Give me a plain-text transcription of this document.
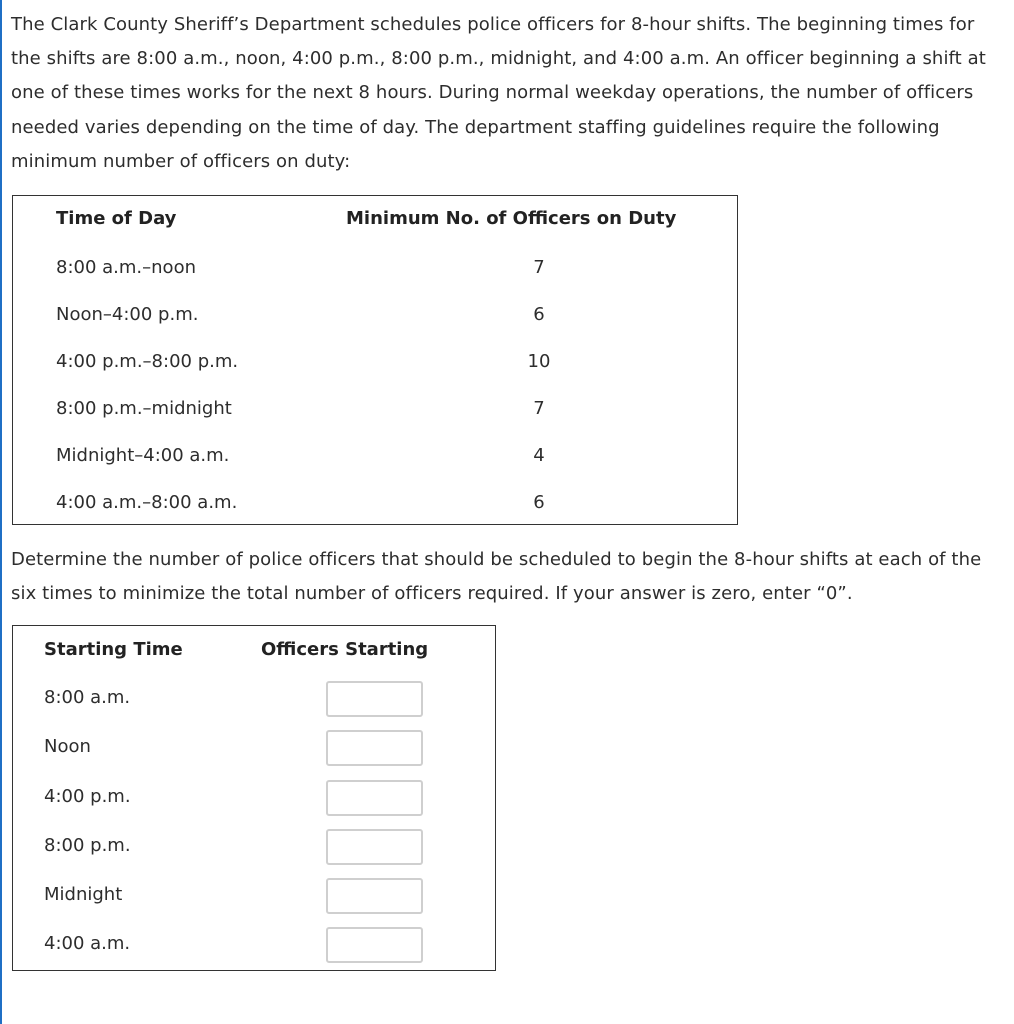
The Clark County Sheriff’s Department schedules police officers for 8-hour shifts. The beginning times for the shifts are 8:00 a.m., noon, 4:00 p.m., 8:00 p.m., midnight, and 4:00 a.m. An officer beginning a shift at one of these times works for the next 8 hours. During normal weekday operations, the number of officers needed varies depending on the time of day. The department staffing guidelines require the following minimum number of officers on duty:

Determine the number of police officers that should be scheduled to begin the 8-hour shifts at each of the six times to minimize the total number of officers required. If your answer is zero, enter “0”.

Time of Day	Minimum No. of Officers on Duty
8:00 a.m.–noon	7
Noon–4:00 p.m.	6
4:00 p.m.–8:00 p.m.	10
8:00 p.m.–midnight	7
Midnight–4:00 a.m.	4
4:00 a.m.–8:00 a.m.	6
Starting Time	Officers Starting
8:00 a.m.
Noon
4:00 p.m.
8:00 p.m.
Midnight
4:00 a.m.
